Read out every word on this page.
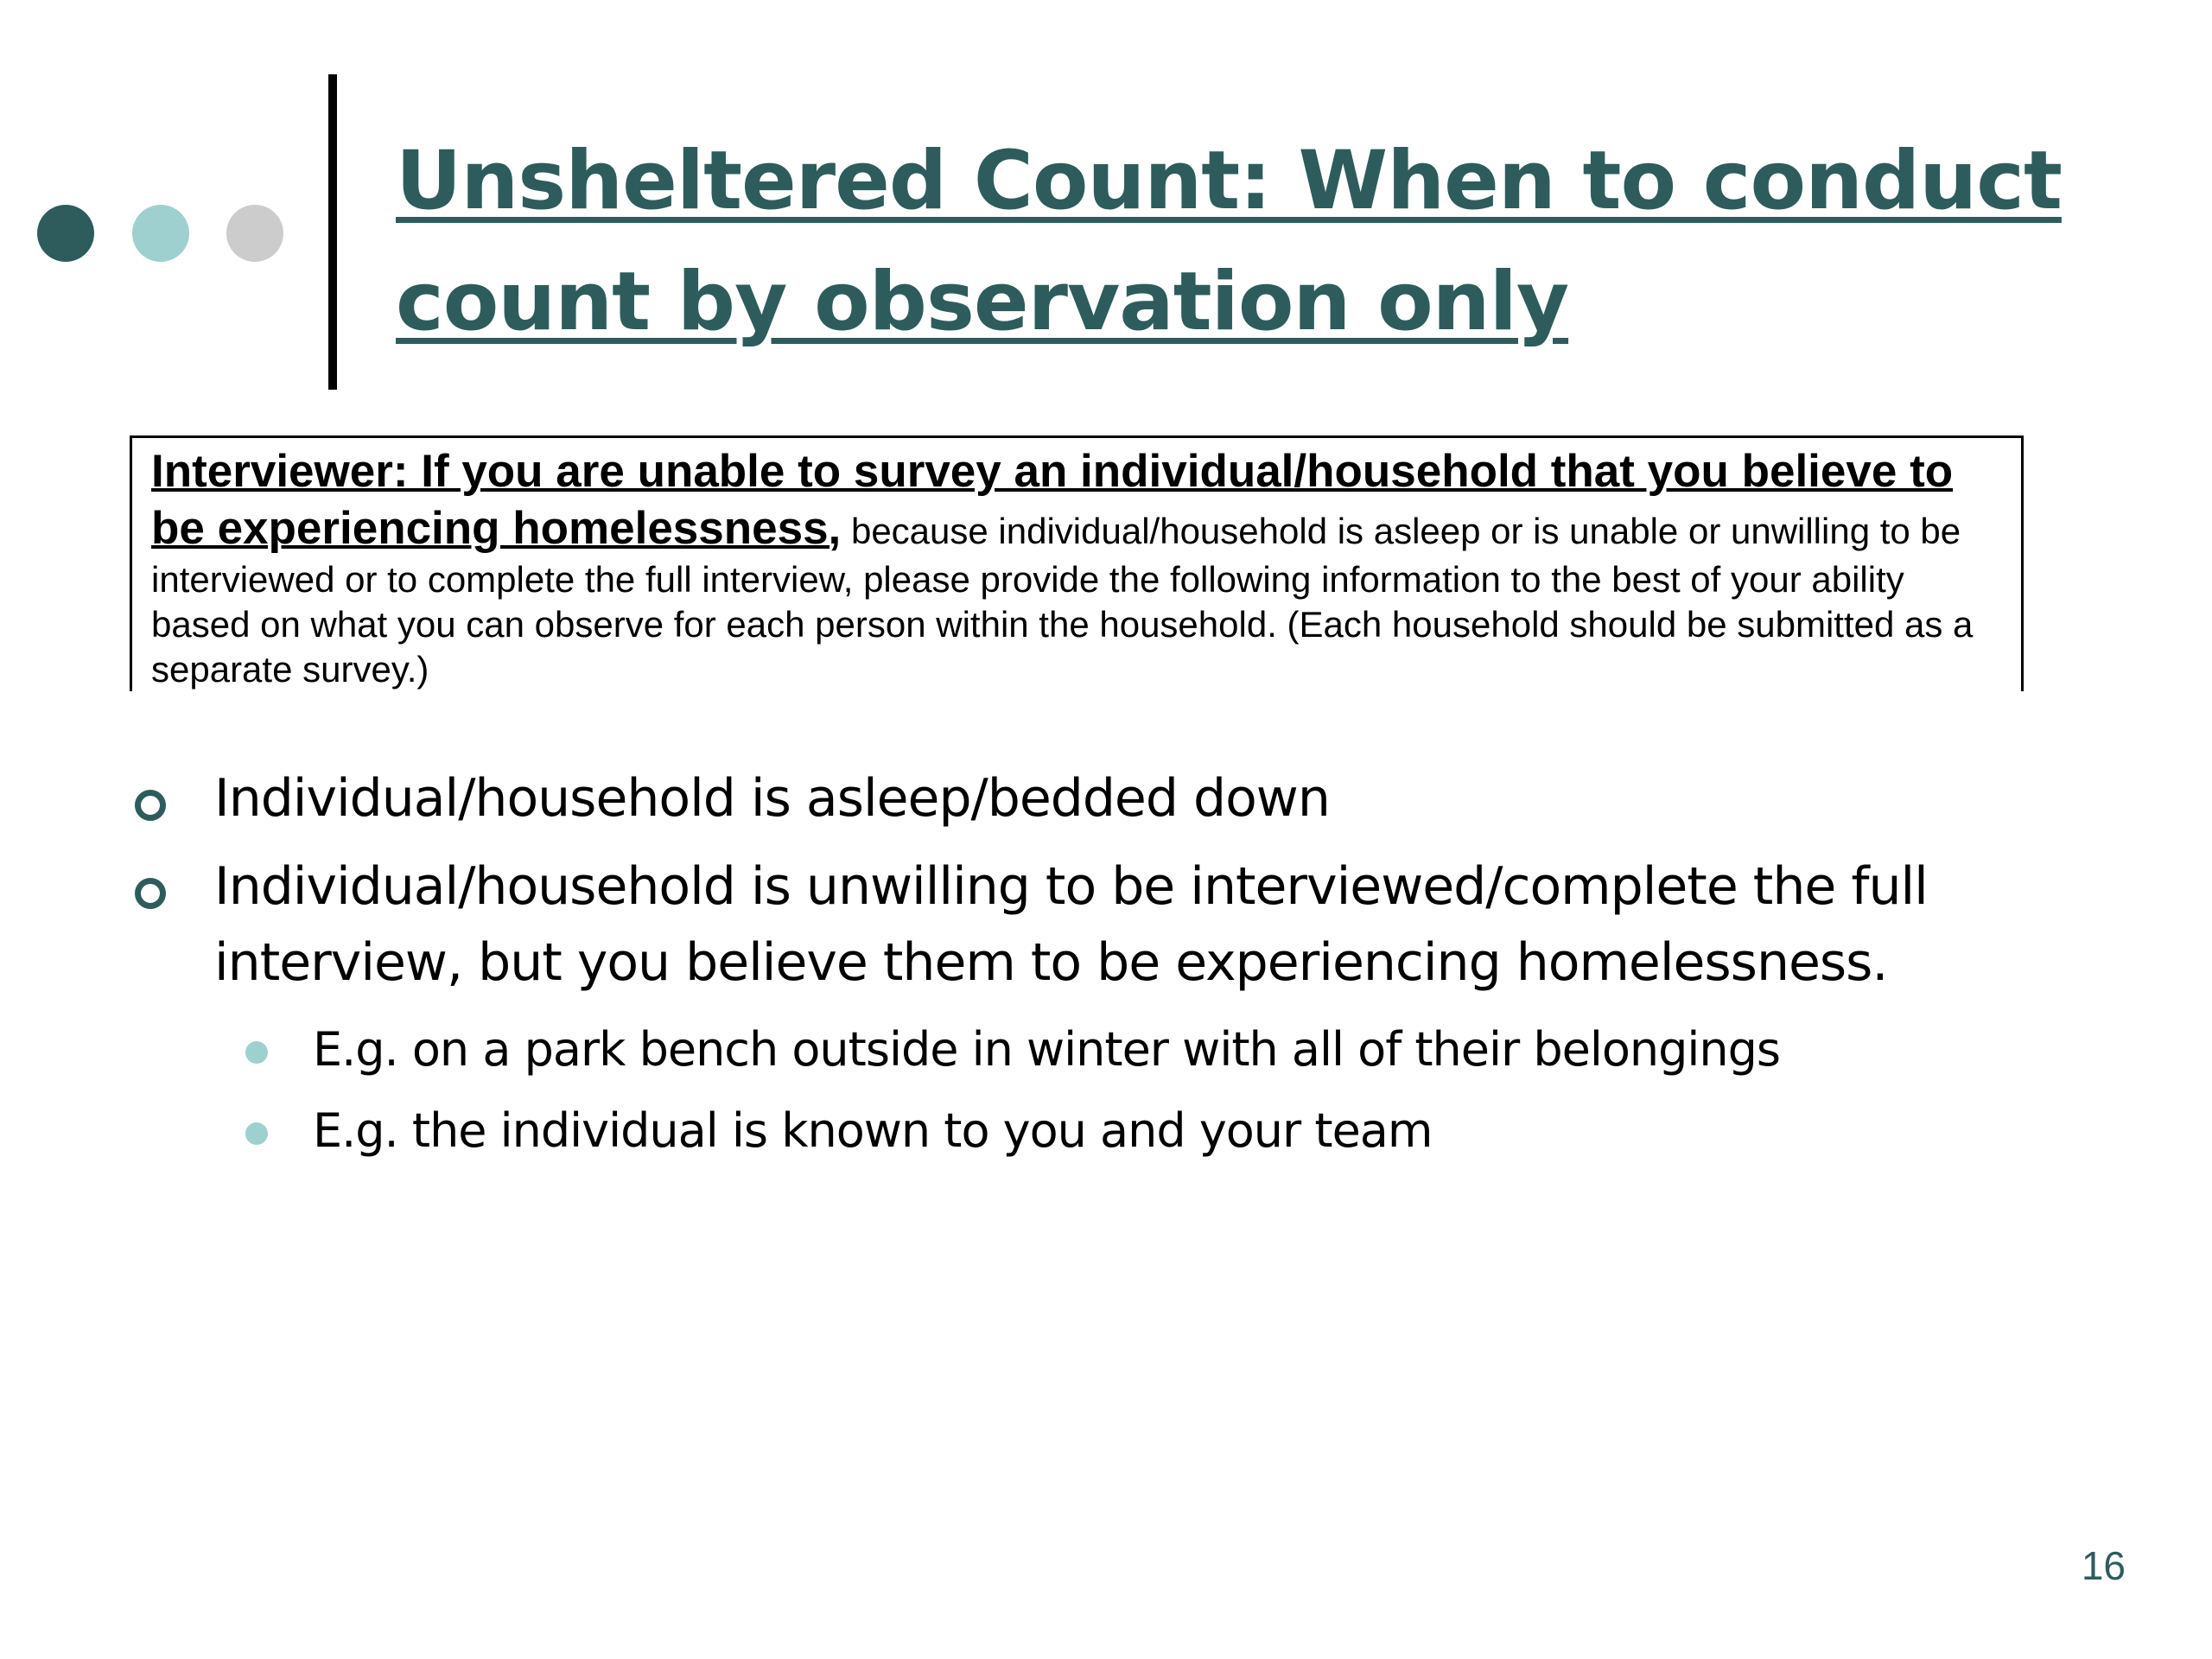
Unsheltered Count: When to conduct
count by observation only

Interviewer: If you are unable to survey an individual/household that you believe to be experiencing homelessness, because individual/household is asleep or is unable or unwilling to be interviewed or to complete the full interview, please provide the following information to the best of your ability based on what you can observe for each person within the household. (Each household should be submitted as a separate survey.)

Individual/household is asleep/bedded down
Individual/household is unwilling to be interviewed/complete the full interview, but you believe them to be experiencing homelessness.
E.g. on a park bench outside in winter with all of their belongings
E.g. the individual is known to you and your team
16
